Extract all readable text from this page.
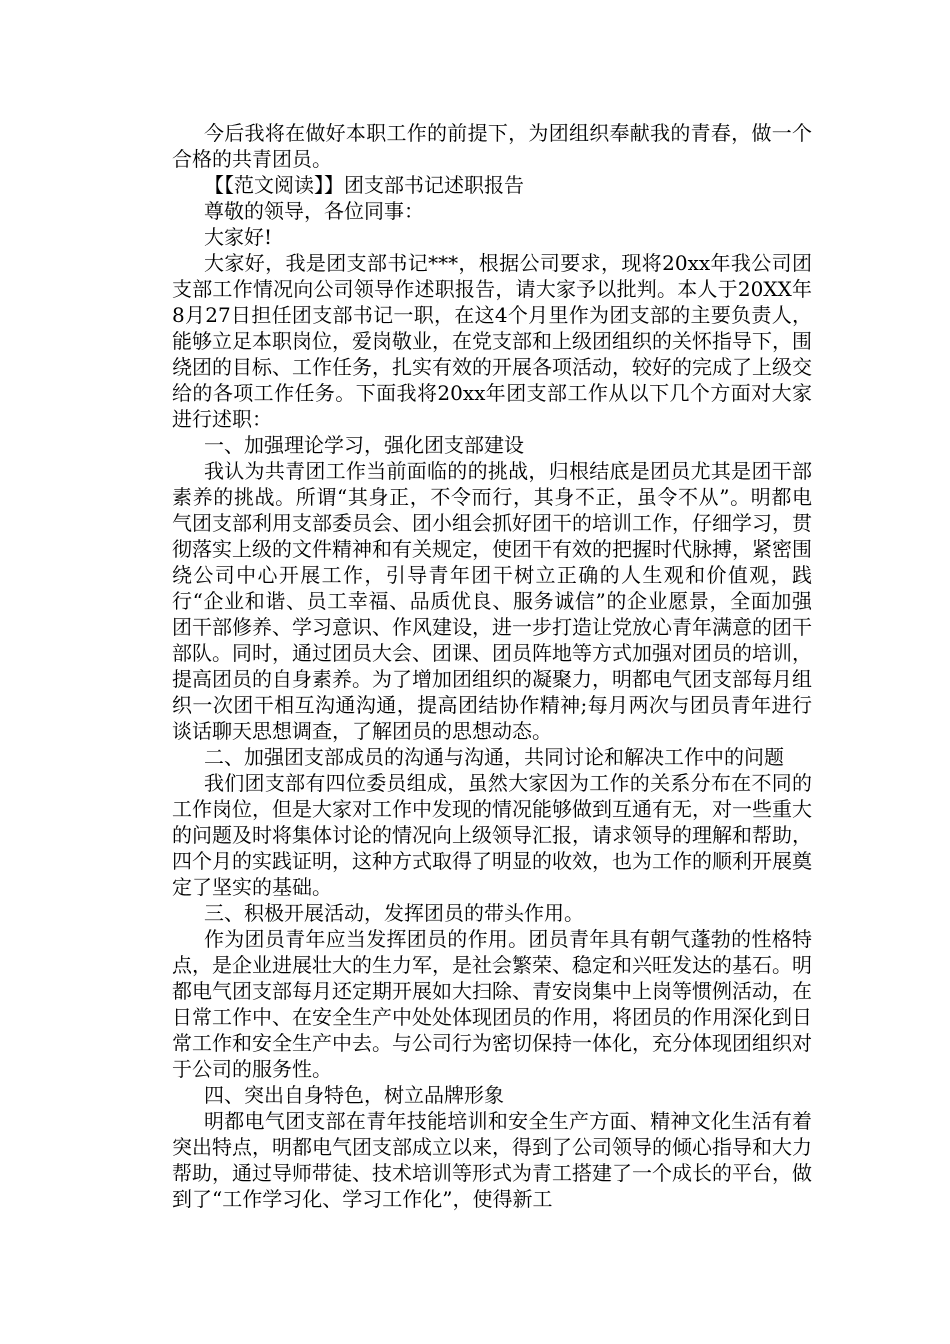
今后我将在做好本职工作的前提下，为团组织奉献我的青春，做一个合格的共青团员。

【【范文阅读】】团支部书记述职报告

尊敬的领导，各位同事：

大家好!

大家好，我是团支部书记***，根据公司要求，现将20xx年我公司团支部工作情况向公司领导作述职报告，请大家予以批判。本人于20XX年8月27日担任团支部书记一职，在这4个月里作为团支部的主要负责人，能够立足本职岗位，爱岗敬业，在党支部和上级团组织的关怀指导下，围绕团的目标、工作任务，扎实有效的开展各项活动，较好的完成了上级交给的各项工作任务。下面我将20xx年团支部工作从以下几个方面对大家进行述职：

一、加强理论学习，强化团支部建设

我认为共青团工作当前面临的的挑战，归根结底是团员尤其是团干部素养的挑战。所谓“其身正，不令而行，其身不正，虽令不从”。明都电气团支部利用支部委员会、团小组会抓好团干的培训工作，仔细学习，贯彻落实上级的文件精神和有关规定，使团干有效的把握时代脉搏，紧密围绕公司中心开展工作，引导青年团干树立正确的人生观和价值观，践行“企业和谐、员工幸福、品质优良、服务诚信”的企业愿景，全面加强团干部修养、学习意识、作风建设，进一步打造让党放心青年满意的团干部队。同时，通过团员大会、团课、团员阵地等方式加强对团员的培训，提高团员的自身素养。为了增加团组织的凝聚力，明都电气团支部每月组织一次团干相互沟通沟通，提高团结协作精神;每月两次与团员青年进行谈话聊天思想调查，了解团员的思想动态。

二、加强团支部成员的沟通与沟通，共同讨论和解决工作中的问题

我们团支部有四位委员组成，虽然大家因为工作的关系分布在不同的工作岗位，但是大家对工作中发现的情况能够做到互通有无，对一些重大的问题及时将集体讨论的情况向上级领导汇报，请求领导的理解和帮助，四个月的实践证明，这种方式取得了明显的收效，也为工作的顺利开展奠定了坚实的基础。

三、积极开展活动，发挥团员的带头作用。

作为团员青年应当发挥团员的作用。团员青年具有朝气蓬勃的性格特点，是企业进展壮大的生力军，是社会繁荣、稳定和兴旺发达的基石。明都电气团支部每月还定期开展如大扫除、青安岗集中上岗等惯例活动，在日常工作中、在安全生产中处处体现团员的作用，将团员的作用深化到日常工作和安全生产中去。与公司行为密切保持一体化，充分体现团组织对于公司的服务性。

四、突出自身特色，树立品牌形象

明都电气团支部在青年技能培训和安全生产方面、精神文化生活有着突出特点，明都电气团支部成立以来，得到了公司领导的倾心指导和大力帮助，通过导师带徒、技术培训等形式为青工搭建了一个成长的平台，做到了“工作学习化、学习工作化”，使得新工
